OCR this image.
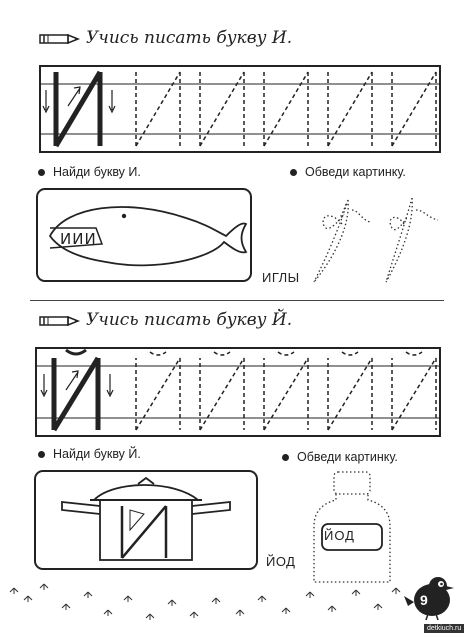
Учись писать букву И.
Найди букву И.	Обведи картинку.
ИИИ
ИГЛЫ
Учись писать букву Й.
Найди букву Й.	Обведи картинку.
ЙОД
ЙОД
9
detkiuch.ru
